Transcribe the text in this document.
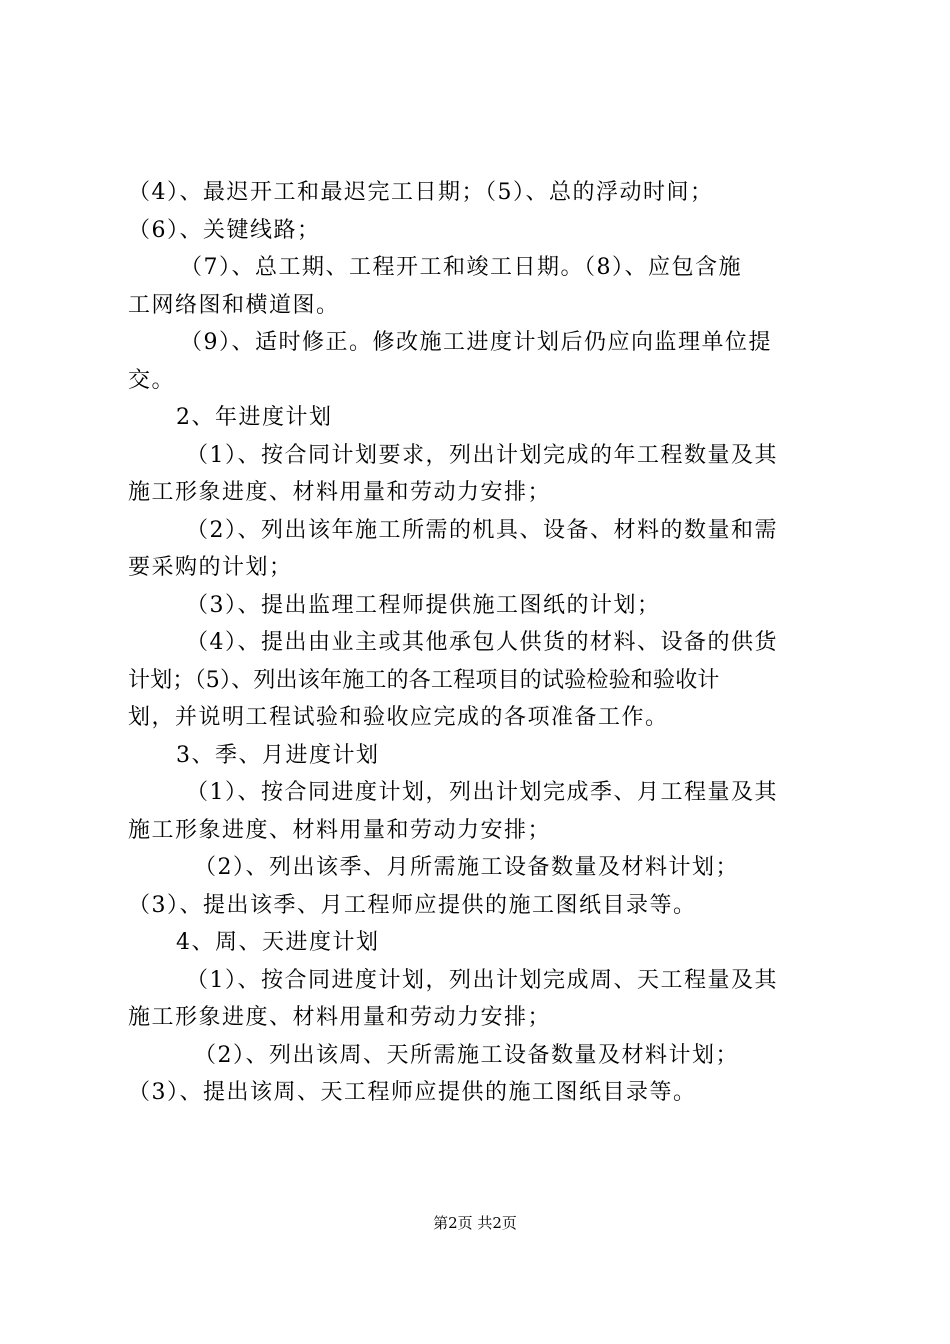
（4）、最迟开工和最迟完工日期；（5）、总的浮动时间；

（6）、关键线路；

（7）、总工期、工程开工和竣工日期。（8）、应包含施

工网络图和横道图。

（9）、适时修正。修改施工进度计划后仍应向监理单位提

交。

2、年进度计划

（1）、按合同计划要求，列出计划完成的年工程数量及其

施工形象进度、材料用量和劳动力安排；

（2）、列出该年施工所需的机具、设备、材料的数量和需

要采购的计划；

（3）、提出监理工程师提供施工图纸的计划；

（4）、提出由业主或其他承包人供货的材料、设备的供货

计划；（5）、列出该年施工的各工程项目的试验检验和验收计

划，并说明工程试验和验收应完成的各项准备工作。

3、季、月进度计划

（1）、按合同进度计划，列出计划完成季、月工程量及其

施工形象进度、材料用量和劳动力安排；

（2）、列出该季、月所需施工设备数量及材料计划；

（3）、提出该季、月工程师应提供的施工图纸目录等。

4、周、天进度计划

（1）、按合同进度计划，列出计划完成周、天工程量及其

施工形象进度、材料用量和劳动力安排；

（2）、列出该周、天所需施工设备数量及材料计划；

（3）、提出该周、天工程师应提供的施工图纸目录等。

第2页 共2页
